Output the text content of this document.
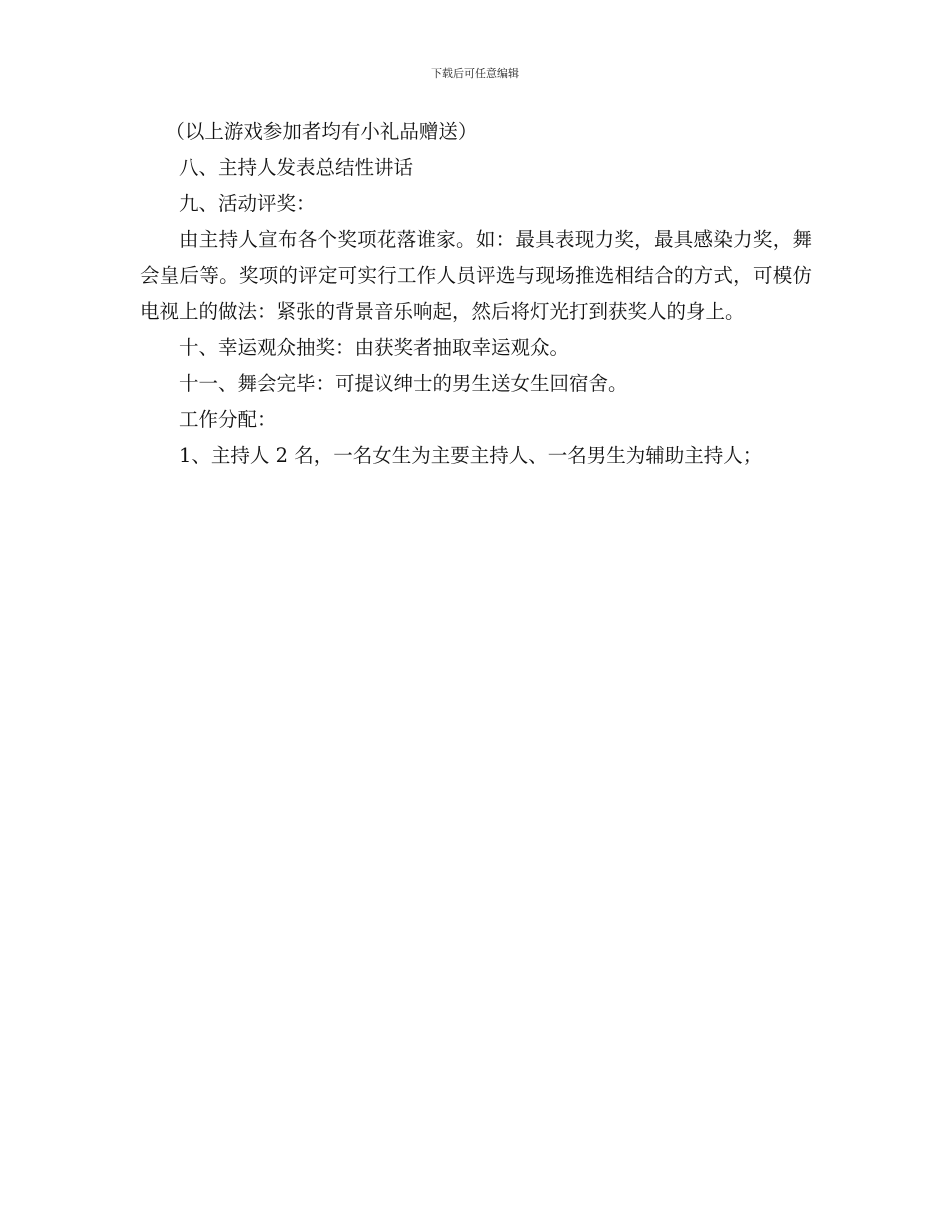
下载后可任意编辑

（以上游戏参加者均有小礼品赠送）

八、主持人发表总结性讲话

九、活动评奖：

由主持人宣布各个奖项花落谁家。如：最具表现力奖，最具感染力奖，舞会皇后等。奖项的评定可实行工作人员评选与现场推选相结合的方式，可模仿电视上的做法：紧张的背景音乐响起，然后将灯光打到获奖人的身上。

十、幸运观众抽奖：由获奖者抽取幸运观众。

十一、舞会完毕：可提议绅士的男生送女生回宿舍。

工作分配：

1、主持人 2 名，一名女生为主要主持人、一名男生为辅助主持人；
